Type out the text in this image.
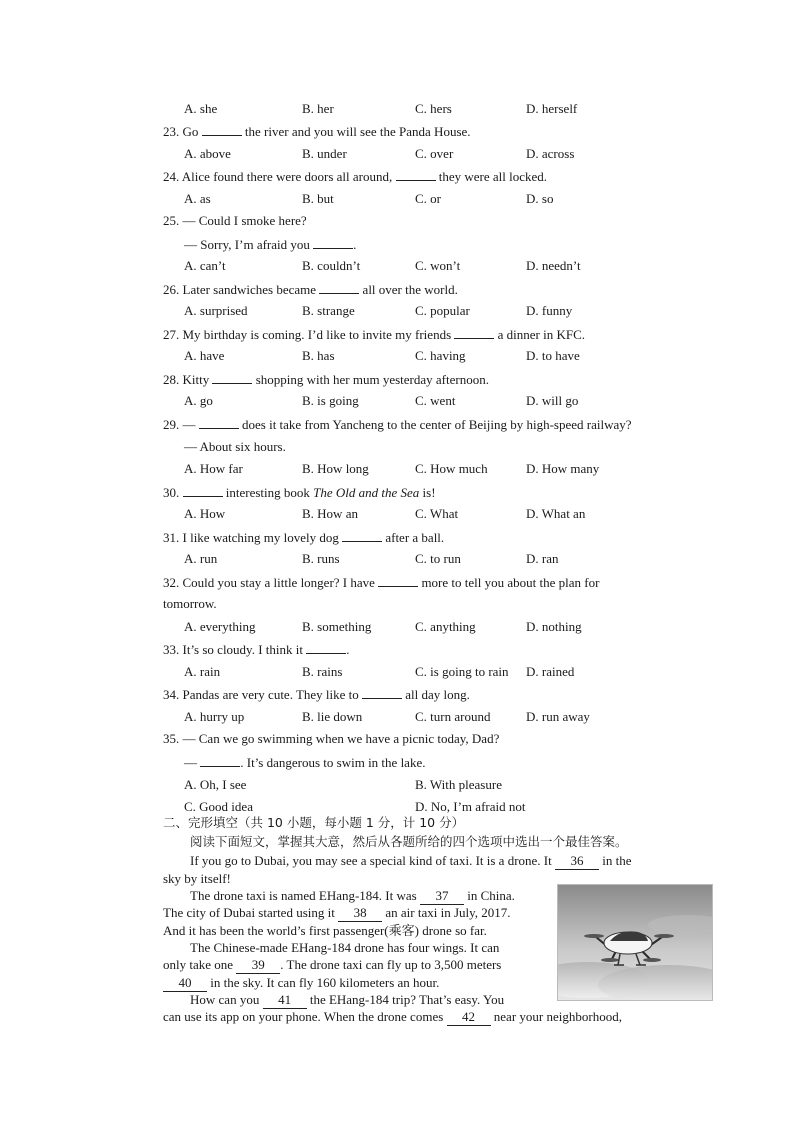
A. she	B. her	C. hers	D. herself
23. Go	the river and you will see the Panda House.
A. above	B. under	C. over	D. across
24. Alice found there were doors all around,	they were all locked.
A. as	B. but	C. or	D. so
25. — Could I smoke here?
— Sorry, I’m afraid you	.
A. can’t	B. couldn’t	C. won’t	D. needn’t
26. Later sandwiches became	all over the world.
A. surprised	B. strange	C. popular	D. funny
27. My birthday is coming. I’d like to invite my friends	a dinner in KFC.
A. have	B. has	C. having	D. to have
28. Kitty	shopping with her mum yesterday afternoon.
A. go	B. is going	C. went	D. will go
29. —	does it take from Yancheng to the center of Beijing by high-speed railway?
— About six hours.
A. How far	B. How long	C. How much	D. How many
30.	interesting book The Old and the Sea is!
A. How	B. How an	C. What	D. What an
31. I like watching my lovely dog	after a ball.
A. run	B. runs	C. to run	D. ran
32. Could you stay a little longer? I have	more to tell you about the plan for
tomorrow.
A. everything	B. something	C. anything	D. nothing
33. It’s so cloudy. I think it	.
A. rain	B. rains	C. is going to rain D. rained
34. Pandas are very cute. They like to	all day long.
A. hurry up	B. lie down	C. turn around	D. run away
35. — Can we go swimming when we have a picnic today, Dad?
—	. It’s dangerous to swim in the lake.
A. Oh, I see	B. With pleasure
C. Good idea	D. No, I’m afraid not
二、完形填空（共 10 小题，每小题 1 分，计 10 分）
阅读下面短文，掌握其大意，然后从各题所给的四个选项中选出一个最佳答案。
If you go to Dubai, you may see a special kind of taxi. It is a drone. It 36 in the
sky by itself!
The drone taxi is named EHang-184. It was 37 in China.
The city of Dubai started using it 38 an air taxi in July, 2017.
And it has been the world’s first passenger(乘客) drone so far.
The Chinese-made EHang-184 drone has four wings. It can
only take one 39 . The drone taxi can fly up to 3,500 meters
40 in the sky. It can fly 160 kilometers an hour.
How can you 41 the EHang-184 trip? That’s easy. You
can use its app on your phone. When the drone comes 42 near your neighborhood,
